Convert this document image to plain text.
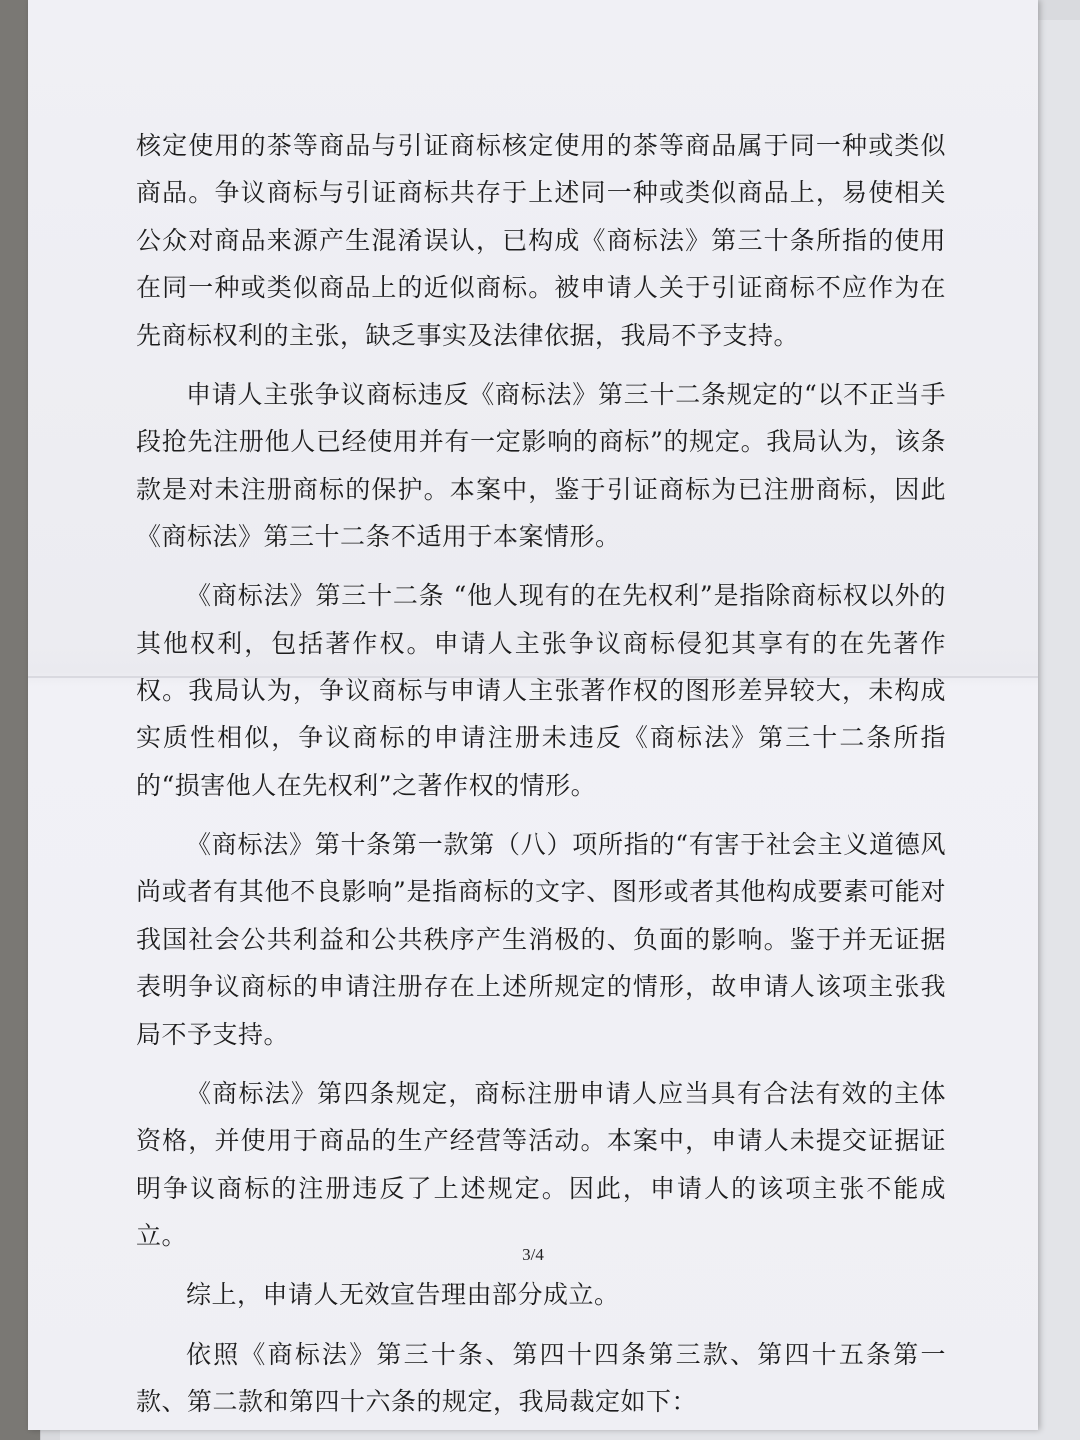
核定使用的茶等商品与引证商标核定使用的茶等商品属于同一种或类似商品。争议商标与引证商标共存于上述同一种或类似商品上，易使相关公众对商品来源产生混淆误认，已构成《商标法》第三十条所指的使用在同一种或类似商品上的近似商标。被申请人关于引证商标不应作为在先商标权利的主张，缺乏事实及法律依据，我局不予支持。

申请人主张争议商标违反《商标法》第三十二条规定的“以不正当手段抢先注册他人已经使用并有一定影响的商标”的规定。我局认为，该条款是对未注册商标的保护。本案中，鉴于引证商标为已注册商标，因此《商标法》第三十二条不适用于本案情形。

《商标法》第三十二条 “他人现有的在先权利”是指除商标权以外的其他权利，包括著作权。申请人主张争议商标侵犯其享有的在先著作权。我局认为，争议商标与申请人主张著作权的图形差异较大，未构成实质性相似，争议商标的申请注册未违反《商标法》第三十二条所指的“损害他人在先权利”之著作权的情形。

《商标法》第十条第一款第（八）项所指的“有害于社会主义道德风尚或者有其他不良影响”是指商标的文字、图形或者其他构成要素可能对我国社会公共利益和公共秩序产生消极的、负面的影响。鉴于并无证据表明争议商标的申请注册存在上述所规定的情形，故申请人该项主张我局不予支持。

《商标法》第四条规定，商标注册申请人应当具有合法有效的主体资格，并使用于商品的生产经营等活动。本案中，申请人未提交证据证明争议商标的注册违反了上述规定。因此，申请人的该项主张不能成立。

综上，申请人无效宣告理由部分成立。

依照《商标法》第三十条、第四十四条第三款、第四十五条第一款、第二款和第四十六条的规定，我局裁定如下：

3/4
